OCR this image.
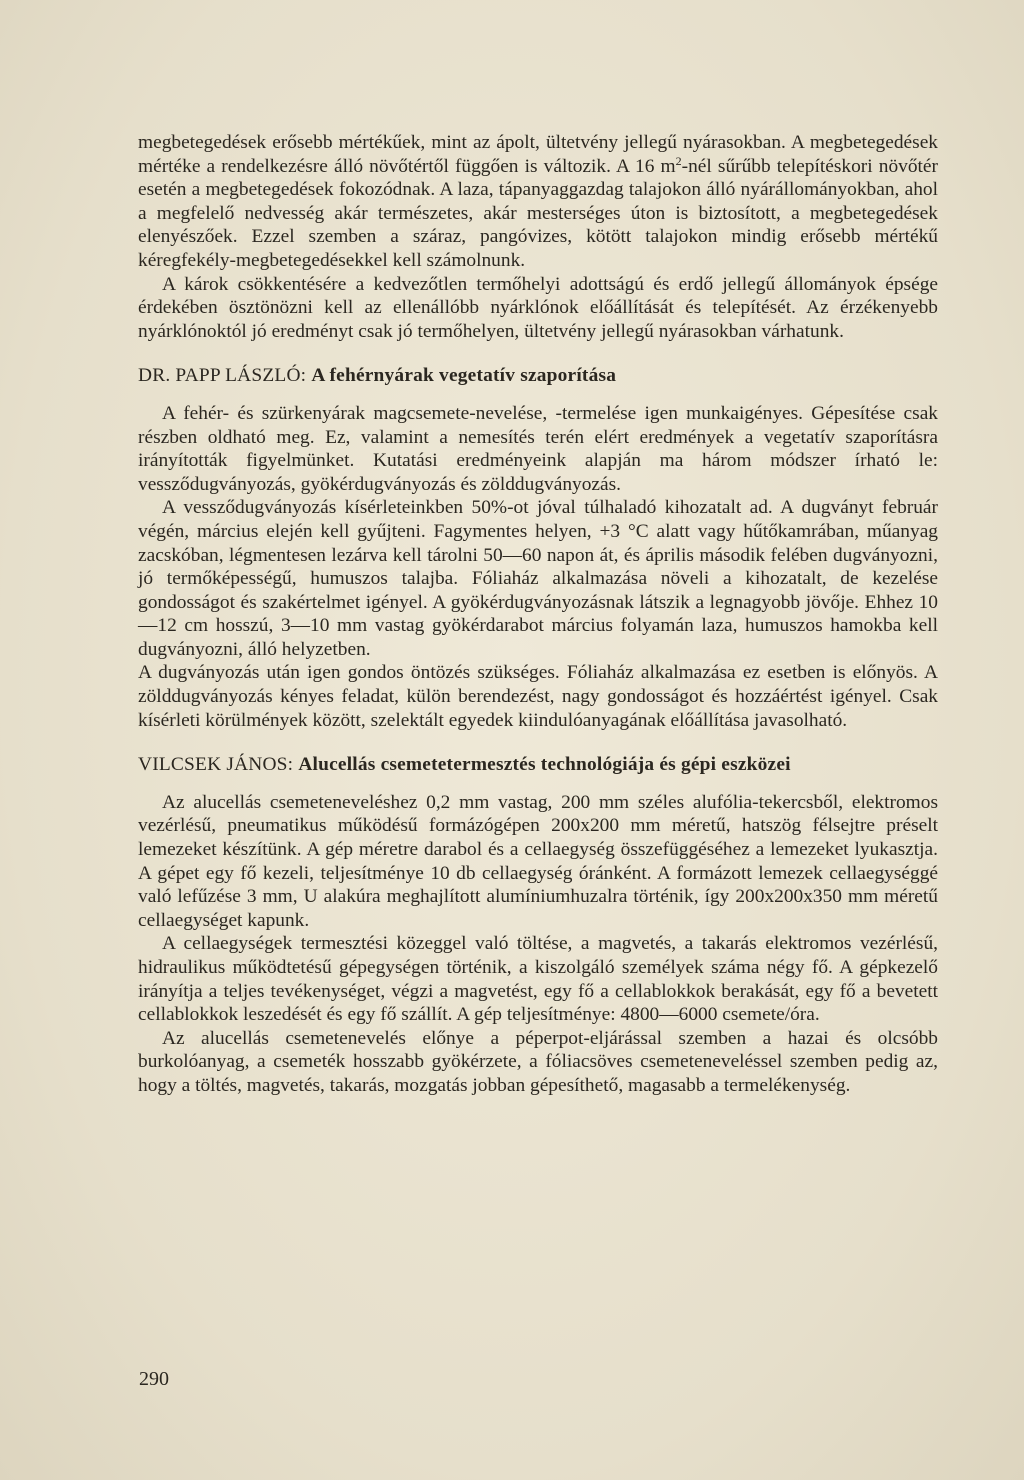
megbetegedések erősebb mértékűek, mint az ápolt, ültetvény jellegű nyárasokban. A megbetegedések mértéke a rendelkezésre álló növőtértől függően is változik. A 16 $m^2$-nél sűrűbb telepítéskori növőtér esetén a megbetegedések fokozódnak. A laza, tápanyaggazdag talajokon álló nyárállományokban, ahol a megfelelő nedvesség akár természetes, akár mesterséges úton is biztosított, a megbetegedések elenyészőek. Ezzel szemben a száraz, pangóvizes, kötött talajokon mindig erősebb mértékű kéregfekély-megbetegedésekkel kell számolnunk.

A károk csökkentésére a kedvezőtlen termőhelyi adottságú és erdő jellegű állományok épsége érdekében ösztönözni kell az ellenállóbb nyárklónok előállítását és telepítését. Az érzékenyebb nyárklónoktól jó eredményt csak jó termőhelyen, ültetvény jellegű nyárasokban várhatunk.

DR. PAPP LÁSZLÓ: A fehérnyárak vegetatív szaporítása

A fehér- és szürkenyárak magcsemete-nevelése, -termelése igen munkaigényes. Gépesítése csak részben oldható meg. Ez, valamint a nemesítés terén elért eredmények a vegetatív szaporításra irányították figyelmünket. Kutatási eredményeink alapján ma három módszer írható le: vessződugványozás, gyökérdugványozás és zölddugványozás.

A vessződugványozás kísérleteinkben 50%-ot jóval túlhaladó kihozatalt ad. A dugványt február végén, március elején kell gyűjteni. Fagymentes helyen, +3 °C alatt vagy hűtőkamrában, műanyag zacskóban, légmentesen lezárva kell tárolni 50—60 napon át, és április második felében dugványozni, jó termőképességű, humuszos talajba. Fóliaház alkalmazása növeli a kihozatalt, de kezelése gondosságot és szakértelmet igényel. A gyökérdugványozásnak látszik a legnagyobb jövője. Ehhez 10—12 cm hosszú, 3—10 mm vastag gyökérdarabot március folyamán laza, humuszos hamokba kell dugványozni, álló helyzetben.

A dugványozás után igen gondos öntözés szükséges. Fóliaház alkalmazása ez esetben is előnyös. A zölddugványozás kényes feladat, külön berendezést, nagy gondosságot és hozzáértést igényel. Csak kísérleti körülmények között, szelektált egyedek kiindulóanyagának előállítása javasolható.

VILCSEK JÁNOS: Alucellás csemetetermesztés technológiája és gépi eszközei

Az alucellás csemeteneveléshez 0,2 mm vastag, 200 mm széles alufólia-tekercsből, elektromos vezérlésű, pneumatikus működésű formázógépen 200x200 mm méretű, hatszög félsejtre préselt lemezeket készítünk. A gép méretre darabol és a cellaegység összefüggéséhez a lemezeket lyukasztja. A gépet egy fő kezeli, teljesítménye 10 db cellaegység óránként. A formázott lemezek cellaegységgé való lefűzése 3 mm, U alakúra meghajlított alumíniumhuzalra történik, így 200x200x350 mm méretű cellaegységet kapunk.

A cellaegységek termesztési közeggel való töltése, a magvetés, a takarás elektromos vezérlésű, hidraulikus működtetésű gépegységen történik, a kiszolgáló személyek száma négy fő. A gépkezelő irányítja a teljes tevékenységet, végzi a magvetést, egy fő a cellablokkok berakását, egy fő a bevetett cellablokkok leszedését és egy fő szállít. A gép teljesítménye: 4800—6000 csemete/óra.

Az alucellás csemetenevelés előnye a péperpot-eljárással szemben a hazai és olcsóbb burkolóanyag, a csemeték hosszabb gyökérzete, a fóliacsöves csemeteneveléssel szemben pedig az, hogy a töltés, magvetés, takarás, mozgatás jobban gépesíthető, magasabb a termelékenység.

290
